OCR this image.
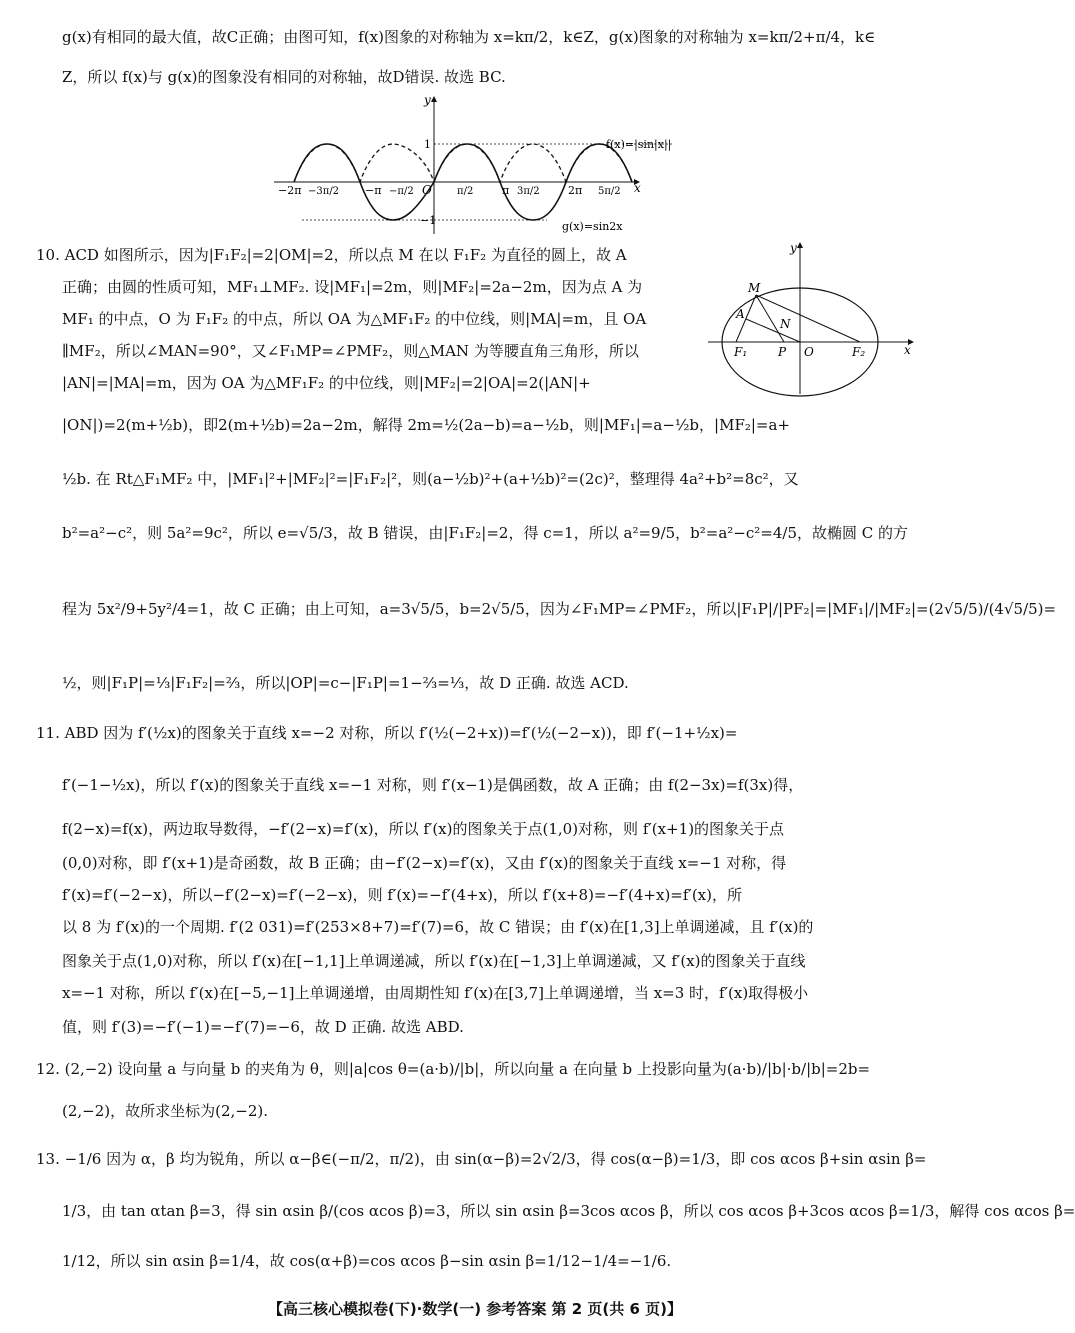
g(x)有相同的最大值，故C正确；由图可知，f(x)图象的对称轴为 x=kπ/2，k∈Z，g(x)图象的对称轴为 x=kπ/2+π/4，k∈
Z，所以 f(x)与 g(x)的图象没有相同的对称轴，故D错误. 故选 BC.
y
x
O
1
−1
−2π −3π/2 −π −π/2	π/2	π 3π/2	2π 5π/2
f(x)=|sin|x||
g(x)=sin2x
10. ACD 如图所示，因为|F₁F₂|=2|OM|=2，所以点 M 在以 F₁F₂ 为直径的圆上，故 A
正确；由圆的性质可知，MF₁⊥MF₂. 设|MF₁|=2m，则|MF₂|=2a−2m，因为点 A 为
MF₁ 的中点，O 为 F₁F₂ 的中点，所以 OA 为△MF₁F₂ 的中位线，则|MA|=m，且 OA
∥MF₂，所以∠MAN=90°，又∠F₁MP=∠PMF₂，则△MAN 为等腰直角三角形，所以
|AN|=|MA|=m，因为 OA 为△MF₁F₂ 的中位线，则|MF₂|=2|OA|=2(|AN|+
M
A
N
F₁	P O	F₂
y
x
|ON|)=2(m+½b)，即2(m+½b)=2a−2m，解得 2m=½(2a−b)=a−½b，则|MF₁|=a−½b，|MF₂|=a+
½b. 在 Rt△F₁MF₂ 中，|MF₁|²+|MF₂|²=|F₁F₂|²，则(a−½b)²+(a+½b)²=(2c)²，整理得 4a²+b²=8c²，又
b²=a²−c²，则 5a²=9c²，所以 e=√5/3，故 B 错误，由|F₁F₂|=2，得 c=1，所以 a²=9/5，b²=a²−c²=4/5，故椭圆 C 的方
程为 5x²/9+5y²/4=1，故 C 正确；由上可知，a=3√5/5，b=2√5/5，因为∠F₁MP=∠PMF₂，所以|F₁P|/|PF₂|=|MF₁|/|MF₂|=(2√5/5)/(4√5/5)=
½，则|F₁P|=⅓|F₁F₂|=⅔，所以|OP|=c−|F₁P|=1−⅔=⅓，故 D 正确. 故选 ACD.
11. ABD 因为 f′(½x)的图象关于直线 x=−2 对称，所以 f′(½(−2+x))=f′(½(−2−x))，即 f′(−1+½x)=
f′(−1−½x)，所以 f′(x)的图象关于直线 x=−1 对称，则 f′(x−1)是偶函数，故 A 正确；由 f(2−3x)=f(3x)得，
f(2−x)=f(x)，两边取导数得，−f′(2−x)=f′(x)，所以 f′(x)的图象关于点(1,0)对称，则 f′(x+1)的图象关于点
(0,0)对称，即 f′(x+1)是奇函数，故 B 正确；由−f′(2−x)=f′(x)，又由 f′(x)的图象关于直线 x=−1 对称，得
f′(x)=f′(−2−x)，所以−f′(2−x)=f′(−2−x)，则 f′(x)=−f′(4+x)，所以 f′(x+8)=−f′(4+x)=f′(x)，所
以 8 为 f′(x)的一个周期. f′(2 031)=f′(253×8+7)=f′(7)=6，故 C 错误；由 f′(x)在[1,3]上单调递减，且 f′(x)的
图象关于点(1,0)对称，所以 f′(x)在[−1,1]上单调递减，所以 f′(x)在[−1,3]上单调递减，又 f′(x)的图象关于直线
x=−1 对称，所以 f′(x)在[−5,−1]上单调递增，由周期性知 f′(x)在[3,7]上单调递增，当 x=3 时，f′(x)取得极小
值，则 f′(3)=−f′(−1)=−f′(7)=−6，故 D 正确. 故选 ABD.
12. (2,−2) 设向量 a 与向量 b 的夹角为 θ，则|a|cos θ=(a·b)/|b|，所以向量 a 在向量 b 上投影向量为(a·b)/|b|·b/|b|=2b=
(2,−2)，故所求坐标为(2,−2).
13. −1/6 因为 α，β 均为锐角，所以 α−β∈(−π/2，π/2)，由 sin(α−β)=2√2/3，得 cos(α−β)=1/3，即 cos αcos β+sin αsin β=
1/3，由 tan αtan β=3，得 sin αsin β/(cos αcos β)=3，所以 sin αsin β=3cos αcos β，所以 cos αcos β+3cos αcos β=1/3，解得 cos αcos β=
1/12，所以 sin αsin β=1/4，故 cos(α+β)=cos αcos β−sin αsin β=1/12−1/4=−1/6.
【高三核心模拟卷(下)·数学(一) 参考答案 第 2 页(共 6 页)】
